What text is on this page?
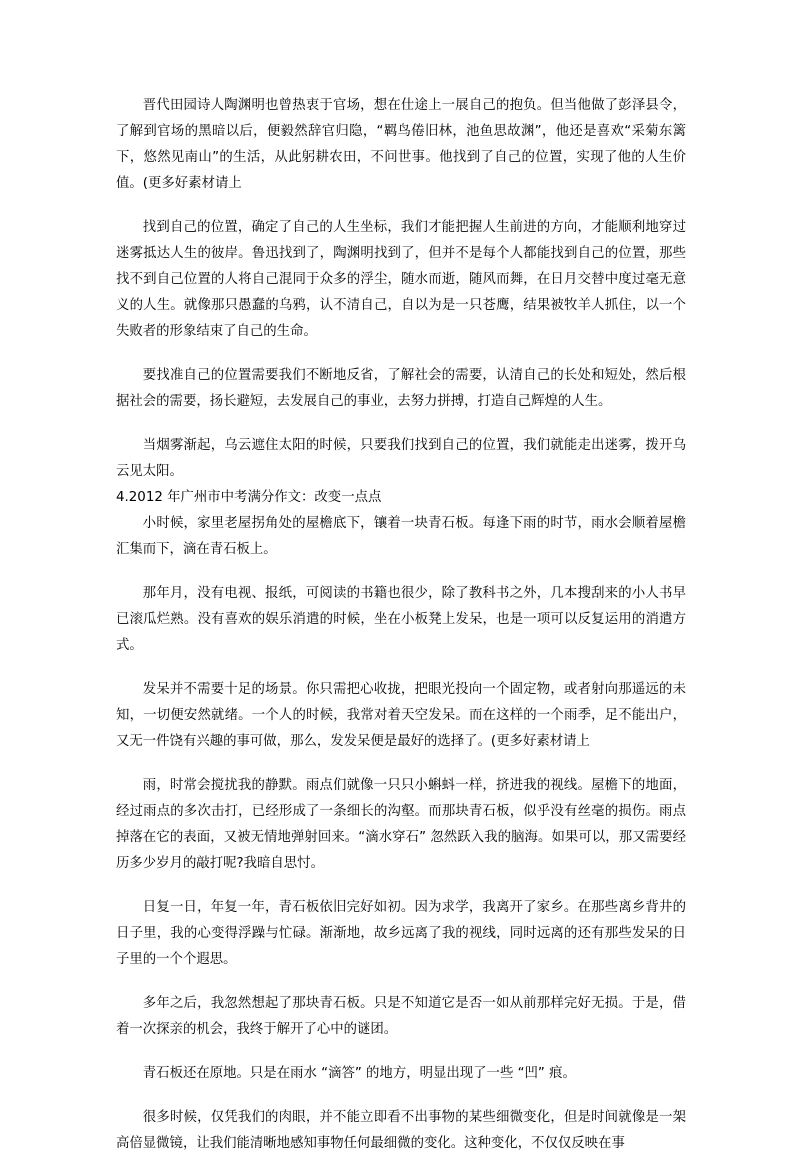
晋代田园诗人陶渊明也曾热衷于官场，想在仕途上一展自己的抱负。但当他做了彭泽县令，了解到官场的黑暗以后，便毅然辞官归隐，“羁鸟倦旧林，池鱼思故渊”，他还是喜欢“采菊东篱下，悠然见南山”的生活，从此躬耕农田，不问世事。他找到了自己的位置，实现了他的人生价值。(更多好素材请上

找到自己的位置，确定了自己的人生坐标，我们才能把握人生前进的方向，才能顺利地穿过迷雾抵达人生的彼岸。鲁迅找到了，陶渊明找到了，但并不是每个人都能找到自己的位置，那些找不到自己位置的人将自己混同于众多的浮尘，随水而逝，随风而舞，在日月交替中度过毫无意义的人生。就像那只愚蠢的乌鸦，认不清自己，自以为是一只苍鹰，结果被牧羊人抓住，以一个失败者的形象结束了自己的生命。

要找准自己的位置需要我们不断地反省，了解社会的需要，认清自己的长处和短处，然后根据社会的需要，扬长避短，去发展自己的事业，去努力拼搏，打造自己辉煌的人生。

当烟雾渐起，乌云遮住太阳的时候，只要我们找到自己的位置，我们就能走出迷雾，拨开乌云见太阳。

4.2012 年广州市中考满分作文：改变一点点

小时候，家里老屋拐角处的屋檐底下，镶着一块青石板。每逢下雨的时节，雨水会顺着屋檐汇集而下，滴在青石板上。

那年月，没有电视、报纸，可阅读的书籍也很少，除了教科书之外，几本搜刮来的小人书早已滚瓜烂熟。没有喜欢的娱乐消遣的时候，坐在小板凳上发呆，也是一项可以反复运用的消遣方式。

发呆并不需要十足的场景。你只需把心收拢，把眼光投向一个固定物，或者射向那遥远的未知，一切便安然就绪。一个人的时候，我常对着天空发呆。而在这样的一个雨季，足不能出户，又无一件饶有兴趣的事可做，那么，发发呆便是最好的选择了。(更多好素材请上

雨，时常会搅扰我的静默。雨点们就像一只只小蝌蚪一样，挤进我的视线。屋檐下的地面，经过雨点的多次击打，已经形成了一条细长的沟壑。而那块青石板，似乎没有丝毫的损伤。雨点掉落在它的表面，又被无情地弹射回来。“滴水穿石” 忽然跃入我的脑海。如果可以，那又需要经历多少岁月的敲打呢?我暗自思忖。

日复一日，年复一年，青石板依旧完好如初。因为求学，我离开了家乡。在那些离乡背井的日子里，我的心变得浮躁与忙碌。渐渐地，故乡远离了我的视线，同时远离的还有那些发呆的日子里的一个个遐思。

多年之后，我忽然想起了那块青石板。只是不知道它是否一如从前那样完好无损。于是，借着一次探亲的机会，我终于解开了心中的谜团。

青石板还在原地。只是在雨水 “滴答” 的地方，明显出现了一些 “凹” 痕。

很多时候，仅凭我们的肉眼，并不能立即看不出事物的某些细微变化，但是时间就像是一架高倍显微镜，让我们能清晰地感知事物任何最细微的变化。这种变化，不仅仅反映在事
